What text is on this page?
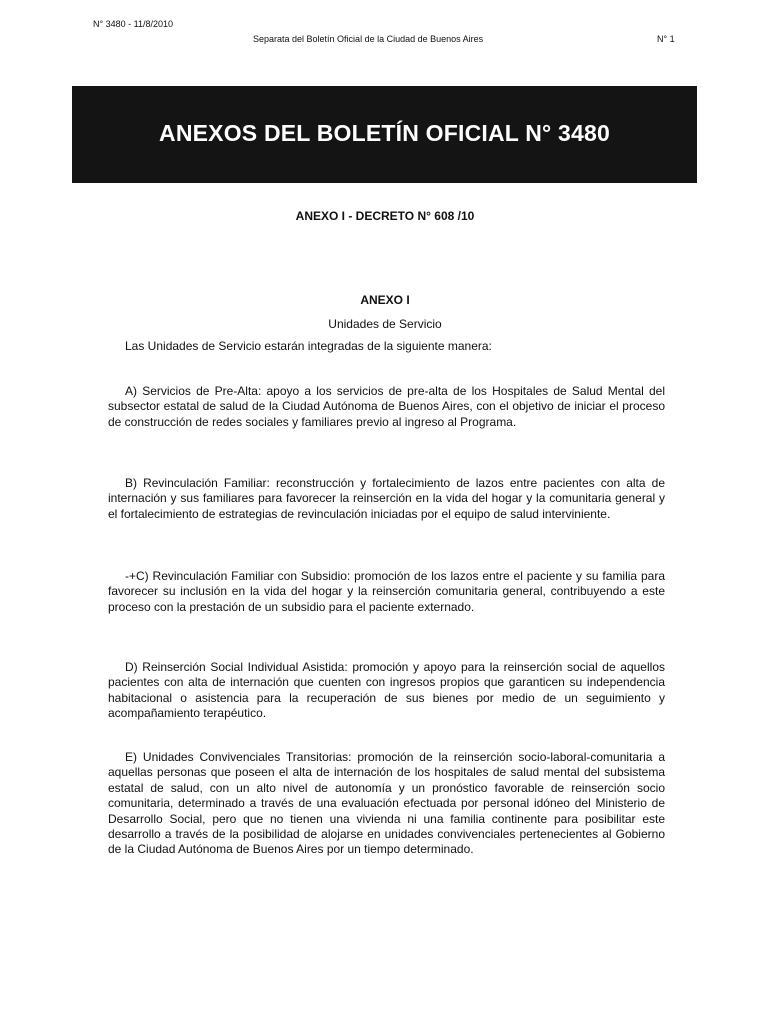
N° 3480 - 11/8/2010
Separata del Boletín Oficial de la Ciudad de Buenos Aires	N° 1
ANEXOS DEL BOLETÍN OFICIAL N° 3480
ANEXO I - DECRETO N° 608 /10
ANEXO I
Unidades de Servicio
Las Unidades de Servicio estarán integradas de la siguiente manera:
A) Servicios de Pre-Alta: apoyo a los servicios de pre-alta de los Hospitales de Salud Mental del subsector estatal de salud de la Ciudad Autónoma de Buenos Aires, con el objetivo de iniciar el proceso de construcción de redes sociales y familiares previo al ingreso al Programa.
B) Revinculación Familiar: reconstrucción y fortalecimiento de lazos entre pacientes con alta de internación y sus familiares para favorecer la reinserción en la vida del hogar y la comunitaria general y el fortalecimiento de estrategias de revinculación iniciadas por el equipo de salud interviniente.
-+C) Revinculación Familiar con Subsidio: promoción de los lazos entre el paciente y su familia para favorecer su inclusión en la vida del hogar y la reinserción comunitaria general, contribuyendo a este proceso con la prestación de un subsidio para el paciente externado.
D) Reinserción Social Individual Asistida: promoción y apoyo para la reinserción social de aquellos pacientes con alta de internación que cuenten con ingresos propios que garanticen su independencia habitacional o asistencia para la recuperación de sus bienes por medio de un seguimiento y acompañamiento terapéutico.
E) Unidades Convivenciales Transitorias: promoción de la reinserción socio-laboral-comunitaria a aquellas personas que poseen el alta de internación de los hospitales de salud mental del subsistema estatal de salud, con un alto nivel de autonomía y un pronóstico favorable de reinserción socio comunitaria, determinado a través de una evaluación efectuada por personal idóneo del Ministerio de Desarrollo Social, pero que no tienen una vivienda ni una familia continente para posibilitar este desarrollo a través de la posibilidad de alojarse en unidades convivenciales pertenecientes al Gobierno de la Ciudad Autónoma de Buenos Aires por un tiempo determinado.
